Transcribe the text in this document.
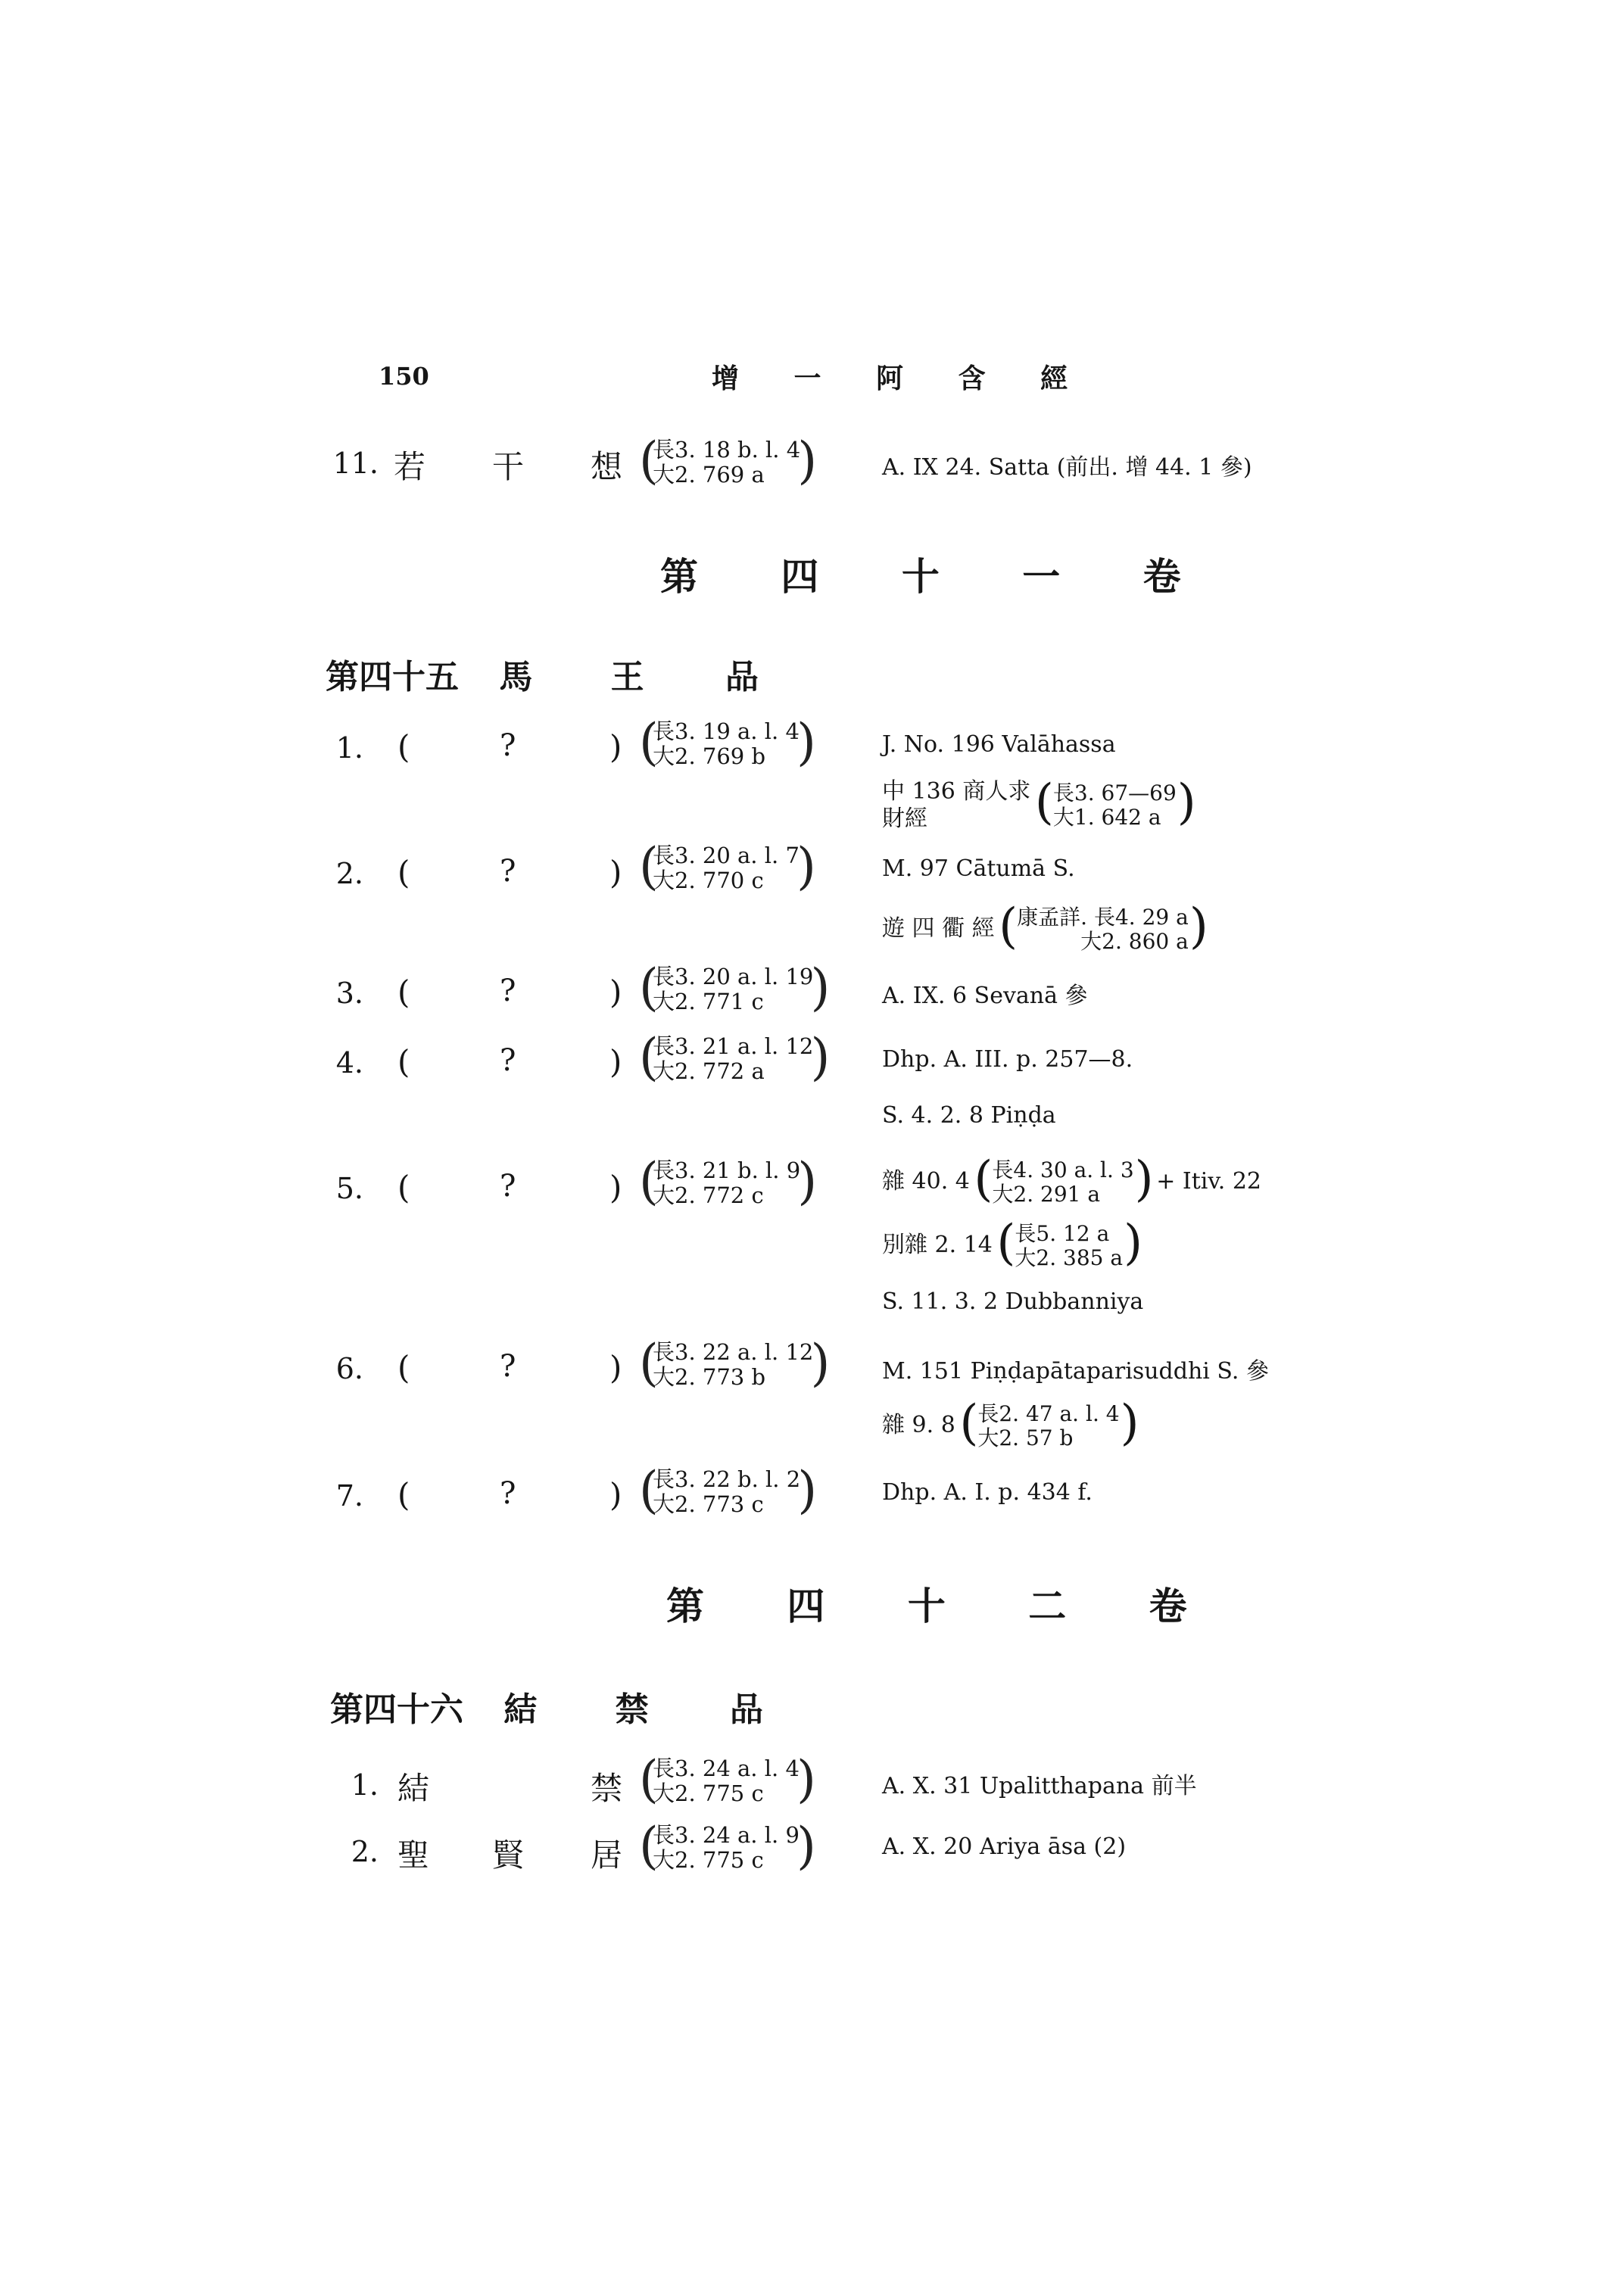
150	增 一 阿 含 經
11. 若 干 想 (
長3. 18 b. l. 4
大2. 769 a )	A. IX 24. Satta (前出. 增 44. 1 參)
第 四 十 一 卷
第四十五 馬 王 品
1. (	?	) (
長3. 19 a. l. 4
大2. 769 b )	J. No. 196 Valāhassa
中 136 商人求
財經
	( 長3. 67—69
大1. 642 a )
2. (	?	) (
長3. 20 a. l. 7
大2. 770 c )	M. 97 Cātumā S.
遊 四 衢 經 ( 康孟詳. 長4. 29 a
大2. 860 a )
3. (	?	) (
長3. 20 a. l. 19
大2. 771 c ) A. IX. 6 Sevanā 參
4. (	?	) (
長3. 21 a. l. 12
大2. 772 a ) Dhp. A. III. p. 257—8.
S. 4. 2. 8 Piṇḍa
5. (	?	) (
長3. 21 b. l. 9
大2. 772 c )	雜 40. 4 ( 長4. 30 a. l. 3
大2. 291 a ) + Itiv. 22
別雜 2. 14 ( 長5. 12 a
大2. 385 a )
S. 11. 3. 2 Dubbanniya
6. (	?	) (
長3. 22 a. l. 12
大2. 773 b ) M. 151 Piṇḍapātaparisuddhi S. 參
雜 9. 8 ( 長2. 47 a. l. 4
大2. 57 b )
7. (	?	) (
長3. 22 b. l. 2
大2. 773 c )	Dhp. A. I. p. 434 f.
第 四 十 二 卷
第四十六 結 禁 品
1. 結	禁 (
長3. 24 a. l. 4
大2. 775 c )	A. X. 31 Upalitthapana 前半
2. 聖 賢 居 (
長3. 24 a. l. 9
大2. 775 c )	A. X. 20 Ariya āsa (2)
